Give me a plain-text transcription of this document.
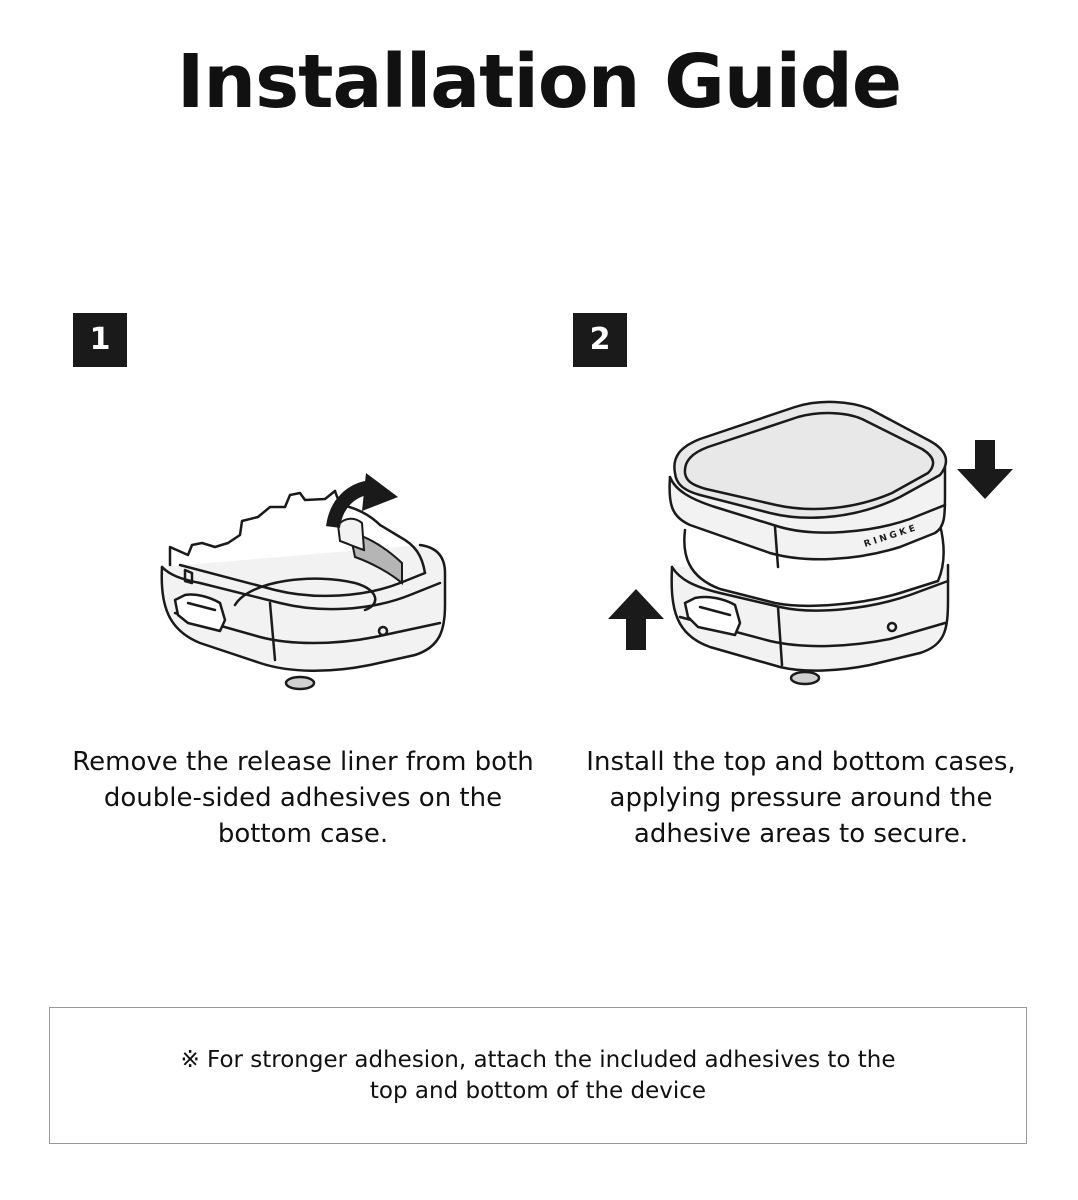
Installation Guide
1

Remove the release liner from both double-sided adhesives on the bottom case.

2
RINGKE

Install the top and bottom cases, applying pressure around the adhesive areas to secure.

※ For stronger adhesion, attach the included adhesives to the
top and bottom of the device
